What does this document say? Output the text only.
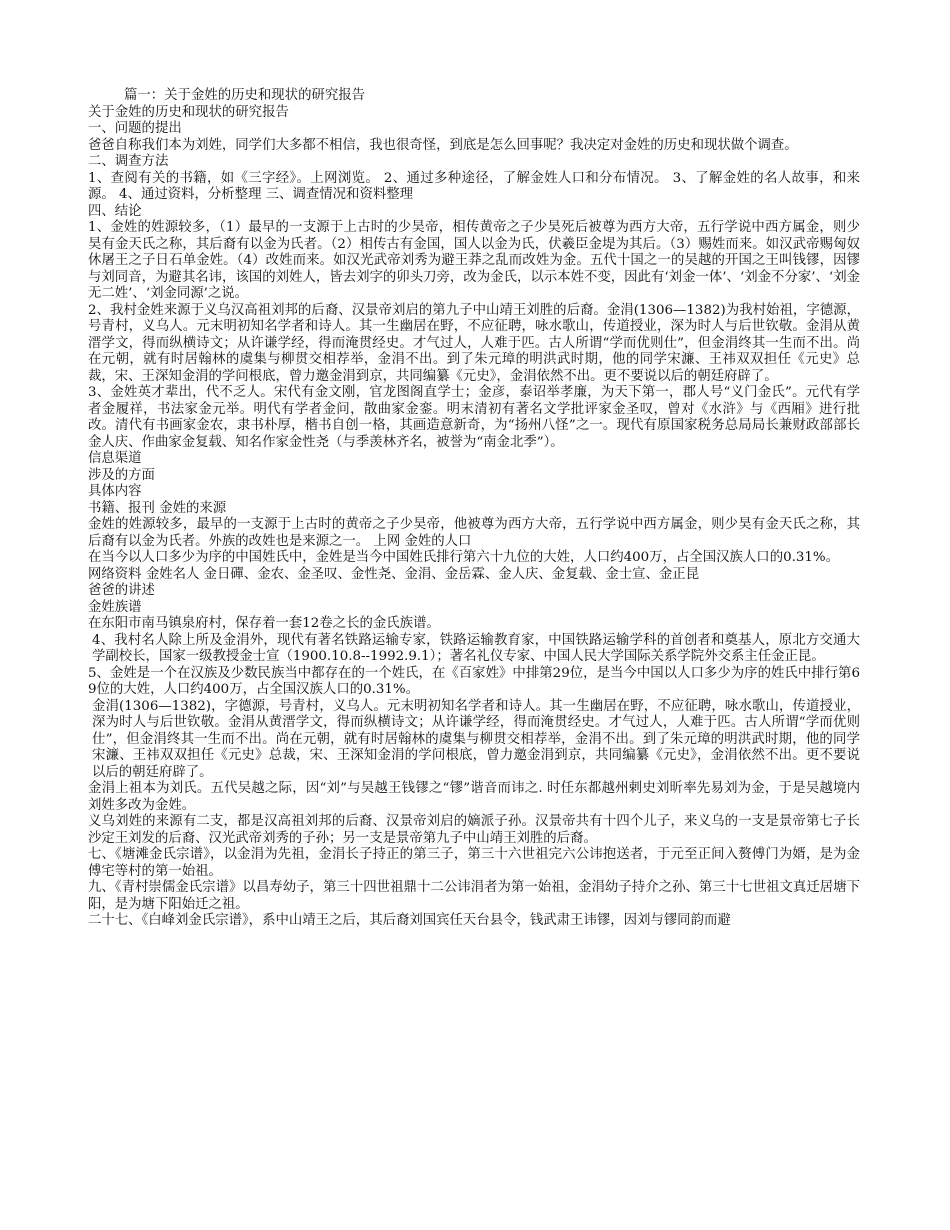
篇一：关于金姓的历史和现状的研究报告

关于金姓的历史和现状的研究报告

一、问题的提出

爸爸自称我们本为刘姓，同学们大多都不相信，我也很奇怪，到底是怎么回事呢？我决定对金姓的历史和现状做个调查。

二、调查方法

1、查阅有关的书籍，如《三字经》。上网浏览。 2、通过多种途径，了解金姓人口和分布情况。 3、了解金姓的名人故事，和来源。 4、通过资料，分析整理 三、调查情况和资料整理

四、结论

1、金姓的姓源较多，（1）最早的一支源于上古时的少昊帝，相传黄帝之子少昊死后被尊为西方大帝，五行学说中西方属金，则少昊有金天氏之称，其后裔有以金为氏者。（2）相传古有金国，国人以金为氏，伏羲臣金堤为其后。（3）赐姓而来。如汉武帝赐匈奴休屠王之子日石单金姓。（4）改姓而来。如汉光武帝刘秀为避王莽之乱而改姓为金。五代十国之一的吴越的开国之王叫钱镠，因镠与刘同音，为避其名讳，该国的刘姓人，皆去刘字的卯头刀旁，改为金氏，以示本姓不变，因此有‘刘金一体’、‘刘金不分家’、‘刘金无二姓’、‘刘金同源’之说。

2、我村金姓来源于义乌汉高祖刘邦的后裔、汉景帝刘启的第九子中山靖王刘胜的后裔。金涓(1306—1382)为我村始祖，字德源，号青村，义乌人。元末明初知名学者和诗人。其一生幽居在野，不应征聘，咏水歌山，传道授业，深为时人与后世钦敬。金涓从黄溍学文，得而纵横诗文；从许谦学经，得而淹贯经史。才气过人，人难于匹。古人所谓“学而优则仕”，但金涓终其一生而不出。尚在元朝，就有时居翰林的虞集与柳贯交相荐举，金涓不出。到了朱元璋的明洪武时期，他的同学宋濂、王祎双双担任《元史》总裁，宋、王深知金涓的学问根底，曾力邀金涓到京，共同编纂《元史》，金涓依然不出。更不要说以后的朝廷府辟了。

3、金姓英才辈出，代不乏人。宋代有金文刚，官龙图阁直学士；金彦，泰诏举孝廉，为天下第一，郡人号“义门金氏”。元代有学者金履祥，书法家金元举。明代有学者金问，散曲家金銮。明末清初有著名文学批评家金圣叹，曾对《水浒》与《西厢》进行批改。清代有书画家金农，隶书朴厚，楷书自创一格，其画造意新奇，为“扬州八怪”之一。现代有原国家税务总局局长兼财政部部长金人庆、作曲家金复载、知名作家金性尧（与季羡林齐名，被誉为“南金北季”）。

信息渠道

涉及的方面

具体内容

书籍、报刊 金姓的来源

金姓的姓源较多，最早的一支源于上古时的黄帝之子少昊帝，他被尊为西方大帝，五行学说中西方属金，则少昊有金天氏之称，其后裔有以金为氏者。外族的改姓也是来源之一。 上网 金姓的人口

在当今以人口多少为序的中国姓氏中，金姓是当今中国姓氏排行第六十九位的大姓，人口约400万，占全国汉族人口的0.31%。

网络资料 金姓名人 金日磾、金农、金圣叹、金性尧、金涓、金岳霖、金人庆、金复载、金士宣、金正昆

爸爸的讲述

金姓族谱

在东阳市南马镇泉府村，保存着一套12卷之长的金氏族谱。

4、我村名人除上所及金涓外，现代有著名铁路运输专家，铁路运输教育家，中国铁路运输学科的首创者和奠基人，原北方交通大学副校长，国家一级教授金士宣（1900.10.8--1992.9.1）；著名礼仪专家、中国人民大学国际关系学院外交系主任金正昆。

5、金姓是一个在汉族及少数民族当中都存在的一个姓氏，在《百家姓》中排第29位，是当今中国以人口多少为序的姓氏中排行第69位的大姓，人口约400万，占全国汉族人口的0.31%。

金涓(1306—1382)，字德源，号青村，义乌人。元末明初知名学者和诗人。其一生幽居在野，不应征聘，咏水歌山，传道授业，深为时人与后世钦敬。金涓从黄溍学文，得而纵横诗文；从许谦学经，得而淹贯经史。才气过人，人难于匹。古人所谓“学而优则仕”，但金涓终其一生而不出。尚在元朝，就有时居翰林的虞集与柳贯交相荐举，金涓不出。到了朱元璋的明洪武时期，他的同学宋濂、王祎双双担任《元史》总裁，宋、王深知金涓的学问根底，曾力邀金涓到京，共同编纂《元史》，金涓依然不出。更不要说以后的朝廷府辟了。

金涓上祖本为刘氏。五代吴越之际，因“刘”与吴越王钱镠之“镠”谐音而讳之. 时任东都越州剌史刘昕率先易刘为金，于是吴越境内刘姓多改为金姓。

义乌刘姓的来源有二支，都是汉高祖刘邦的后裔、汉景帝刘启的嫡派子孙。汉景帝共有十四个儿子，来义乌的一支是景帝第七子长沙定王刘发的后裔、汉光武帝刘秀的子孙；另一支是景帝第九子中山靖王刘胜的后裔。

七、《塘滩金氏宗谱》，以金涓为先祖，金涓长子持正的第三子，第三十六世祖完六公讳抱送者，于元至正间入赘傅门为婿，是为金傅宅等村的第一始祖。

九、《青村崇儒金氏宗谱》以昌寿幼子，第三十四世祖鼎十二公讳涓者为第一始祖，金涓幼子持介之孙、第三十七世祖文真迁居塘下阳，是为塘下阳始迁之祖。

二十七、《白峰刘金氏宗谱》，系中山靖王之后，其后裔刘国宾任天台县令，钱武肃王讳镠，因刘与镠同韵而避
